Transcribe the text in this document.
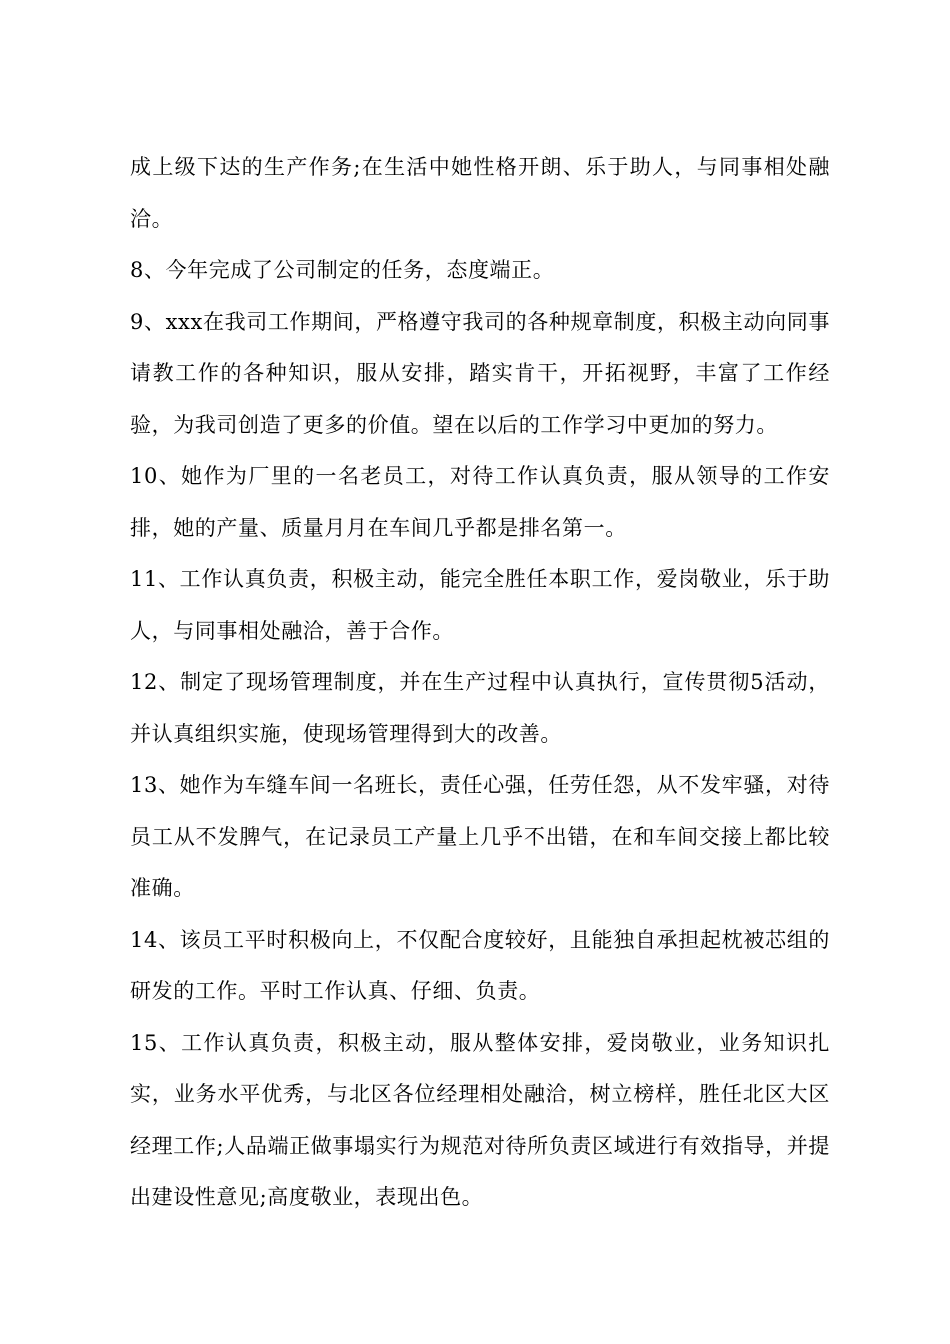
成上级下达的生产作务;在生活中她性格开朗、乐于助人，与同事相处融洽。

8、今年完成了公司制定的任务，态度端正。

9、xxx在我司工作期间，严格遵守我司的各种规章制度，积极主动向同事请教工作的各种知识，服从安排，踏实肯干，开拓视野，丰富了工作经验，为我司创造了更多的价值。望在以后的工作学习中更加的努力。

10、她作为厂里的一名老员工，对待工作认真负责，服从领导的工作安排，她的产量、质量月月在车间几乎都是排名第一。

11、工作认真负责，积极主动，能完全胜任本职工作，爱岗敬业，乐于助人，与同事相处融洽，善于合作。

12、制定了现场管理制度，并在生产过程中认真执行，宣传贯彻5活动，并认真组织实施，使现场管理得到大的改善。

13、她作为车缝车间一名班长，责任心强，任劳任怨，从不发牢骚，对待员工从不发脾气，在记录员工产量上几乎不出错，在和车间交接上都比较准确。

14、该员工平时积极向上，不仅配合度较好，且能独自承担起枕被芯组的研发的工作。平时工作认真、仔细、负责。

15、工作认真负责，积极主动，服从整体安排，爱岗敬业，业务知识扎实，业务水平优秀，与北区各位经理相处融洽，树立榜样，胜任北区大区经理工作;人品端正做事塌实行为规范对待所负责区域进行有效指导，并提出建设性意见;高度敬业，表现出色。
